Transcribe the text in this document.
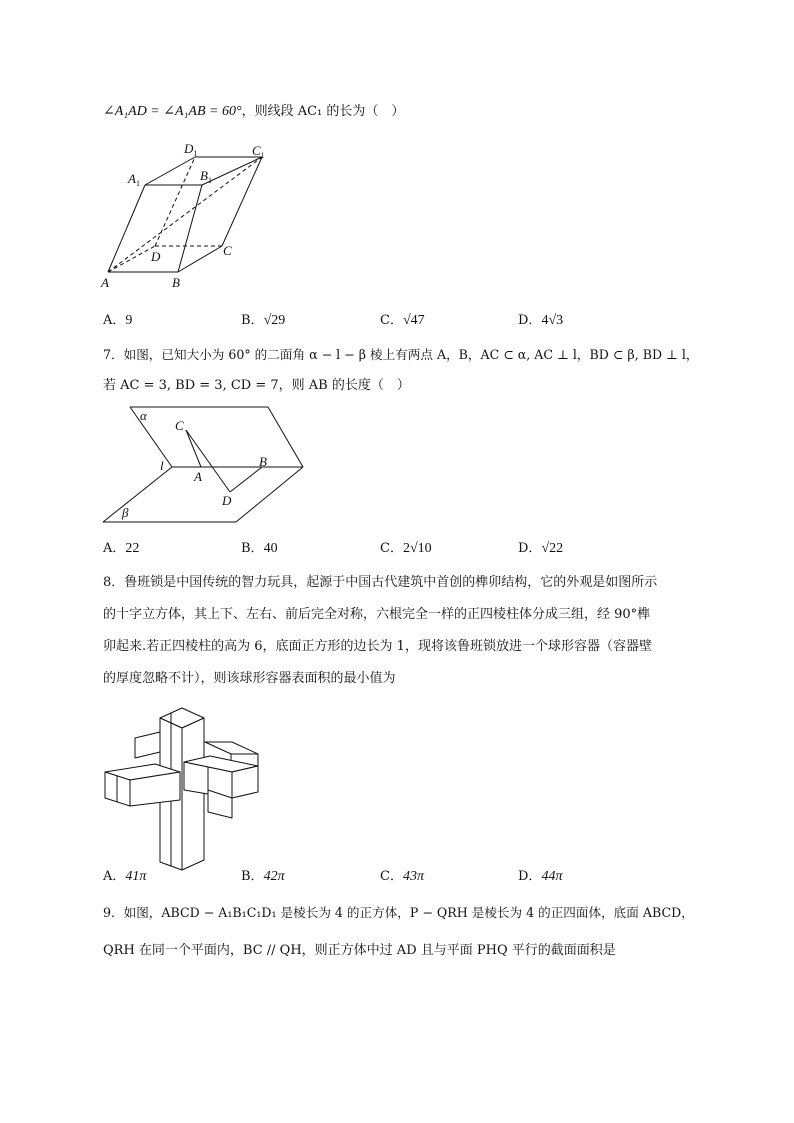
∠A₁AD = ∠A₁AB = 60°，则线段 AC₁ 的长为（　）
$D_1$	$C_1$
$A_1$
$B_1$
D	C
A	B
A．9	B．√29	C．√47	D．4√3
7．如图，已知大小为 60° 的二面角 α − l − β 棱上有两点 A，B，AC ⊂ α, AC ⊥ l，BD ⊂ β, BD ⊥ l，
若 AC = 3, BD = 3, CD = 7，则 AB 的长度（　）
α
C
l
A
B
D
β
A．22	B．40	C．2√10	D．√22
8．鲁班锁是中国传统的智力玩具，起源于中国古代建筑中首创的榫卯结构，它的外观是如图所示
的十字立方体，其上下、左右、前后完全对称，六根完全一样的正四棱柱体分成三组，经 90°榫
卯起来.若正四棱柱的高为 6，底面正方形的边长为 1，现将该鲁班锁放进一个球形容器（容器壁
的厚度忽略不计），则该球形容器表面积的最小值为
A．41π	B．42π	C．43π	D．44π
9．如图，ABCD − A₁B₁C₁D₁ 是棱长为 4 的正方体，P − QRH 是棱长为 4 的正四面体，底面 ABCD，
QRH 在同一个平面内，BC // QH，则正方体中过 AD 且与平面 PHQ 平行的截面面积是
